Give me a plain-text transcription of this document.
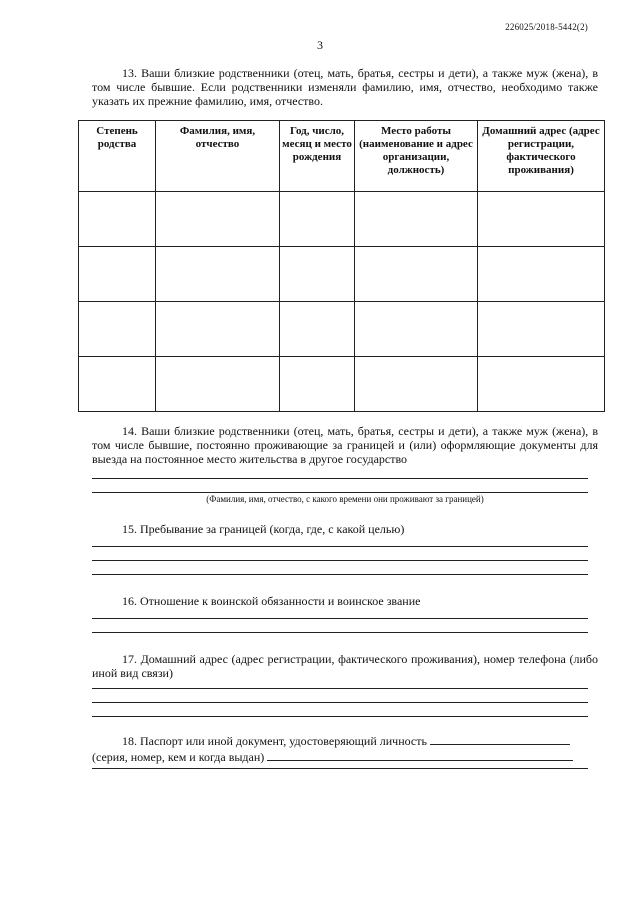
226025/2018-5442(2)
3

13. Ваши близкие родственники (отец, мать, братья, сестры и дети), а также муж (жена), в том числе бывшие. Если родственники изменяли фамилию, имя, отчество, необходимо также указать их прежние фамилию, имя, отчество.

Степень родства	Фамилия, имя, отчество	Год, число, месяц и место рождения	Место работы (наименование и адрес организации, должность)	Домашний адрес (адрес регистрации, фактического проживания)

14. Ваши близкие родственники (отец, мать, братья, сестры и дети), а также муж (жена), в том числе бывшие, постоянно проживающие за границей и (или) оформляющие документы для выезда на постоянное место жительства в другое государство

(Фамилия, имя, отчество, с какого времени они проживают за границей)

15. Пребывание за границей (когда, где, с какой целью)

16. Отношение к воинской обязанности и воинское звание

17. Домашний адрес (адрес регистрации, фактического проживания), номер телефона (либо иной вид связи)

18. Паспорт или иной документ, удостоверяющий личность
(серия, номер, кем и когда выдан)
